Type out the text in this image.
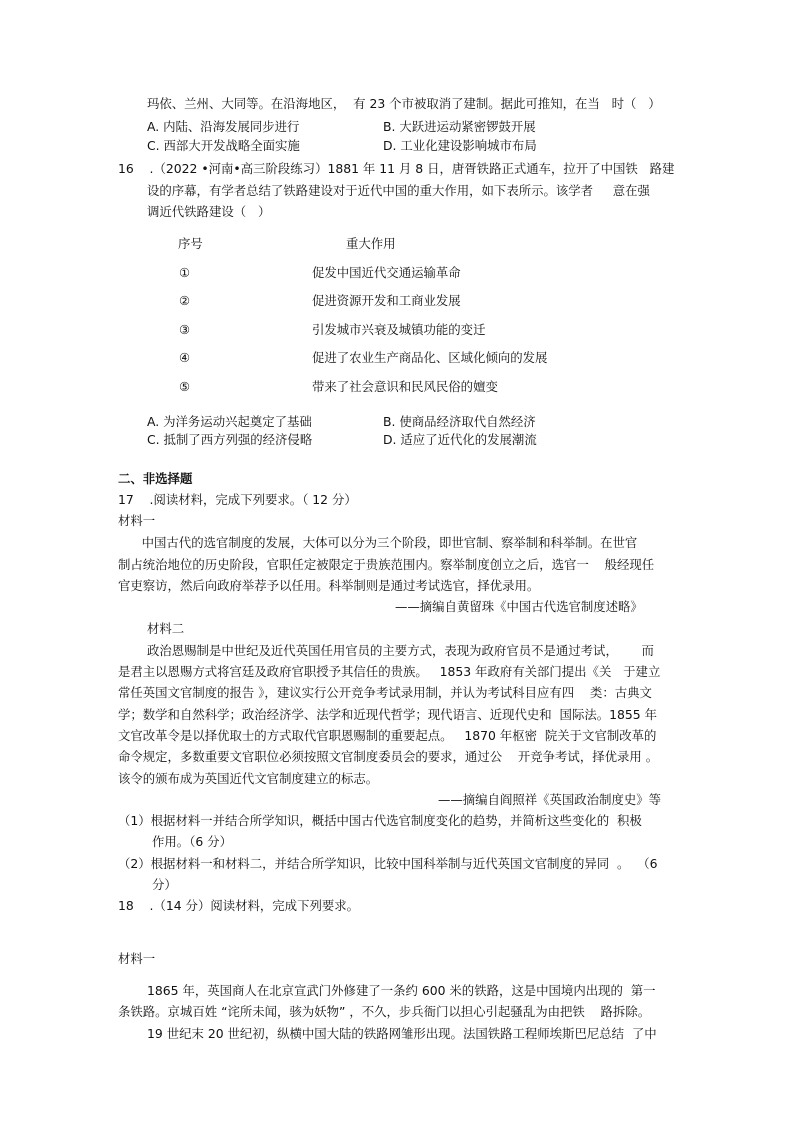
玛依、兰州、大同等。在沿海地区，  有 23 个市被取消了建制。据此可推知，在当   时（   ）
A. 内陆、沿海发展同步进行	B. 大跃进运动紧密锣鼓开展
C. 西部大开发战略全面实施	D. 工业化建设影响城市布局
16    .（2022 •河南•高三阶段练习）1881 年 11 月 8 日，唐胥铁路正式通车，拉开了中国铁   路建
设的序幕，有学者总结了铁路建设对于近代中国的重大作用，如下表所示。该学者     意在强
调近代铁路建设（   ）
序号	重大作用
①	促发中国近代交通运输革命
②	促进资源开发和工商业发展
③	引发城市兴衰及城镇功能的变迁
④	促进了农业生产商品化、区域化倾向的发展
⑤	带来了社会意识和民风民俗的嬗变
A. 为洋务运动兴起奠定了基础	B. 使商品经济取代自然经济
C. 抵制了西方列强的经济侵略	D. 适应了近代化的发展潮流
二、非选择题
17    .阅读材料，完成下列要求。（ 12 分）
材料一
中国古代的选官制度的发展，大体可以分为三个阶段，即世官制、察举制和科举制。在世官
制占统治地位的历史阶段，官职任定被限定于贵族范围内。察举制度创立之后，选官一    般经现任
官吏察访，然后向政府举荐予以任用。科举制则是通过考试选官，择优录用。
——摘编自黄留珠《中国古代选官制度述略》
材料二
政治恩赐制是中世纪及近代英国任用官员的主要方式，表现为政府官员不是通过考试，      而
是君主以恩赐方式将宫廷及政府官职授予其信任的贵族。   1853 年政府有关部门提出《关   于建立
常任英国文官制度的报告 》，建议实行公开竞争考试录用制，并认为考试科目应有四    类：古典文
学；数学和自然科学；政治经济学、法学和近现代哲学；现代语言、近现代史和  国际法。1855 年
文官改革令是以择优取士的方式取代官职恩赐制的重要起点。   1870 年枢密  院关于文官制改革的
命令规定，多数重要文官职位必须按照文官制度委员会的要求，通过公    开竞争考试，择优录用 。
该令的颁布成为英国近代文官制度建立的标志。
——摘编自阎照祥《英国政治制度史》等
（1）根据材料一并结合所学知识，概括中国古代选官制度变化的趋势，并简析这些变化的  积极
作用。（6 分）
（2）根据材料一和材料二，并结合所学知识，比较中国科举制与近代英国文官制度的异同  。  （6
分）
18    .（14 分）阅读材料，完成下列要求。
材料一
1865 年，英国商人在北京宣武门外修建了一条约 600 米的铁路，这是中国境内出现的  第一
条铁路。京城百姓 “诧所未闻，骇为妖物” ，不久，步兵衙门以担心引起骚乱为由把铁    路拆除。
19 世纪末 20 世纪初，纵横中国大陆的铁路网雏形出现。法国铁路工程师埃斯巴尼总结  了中
